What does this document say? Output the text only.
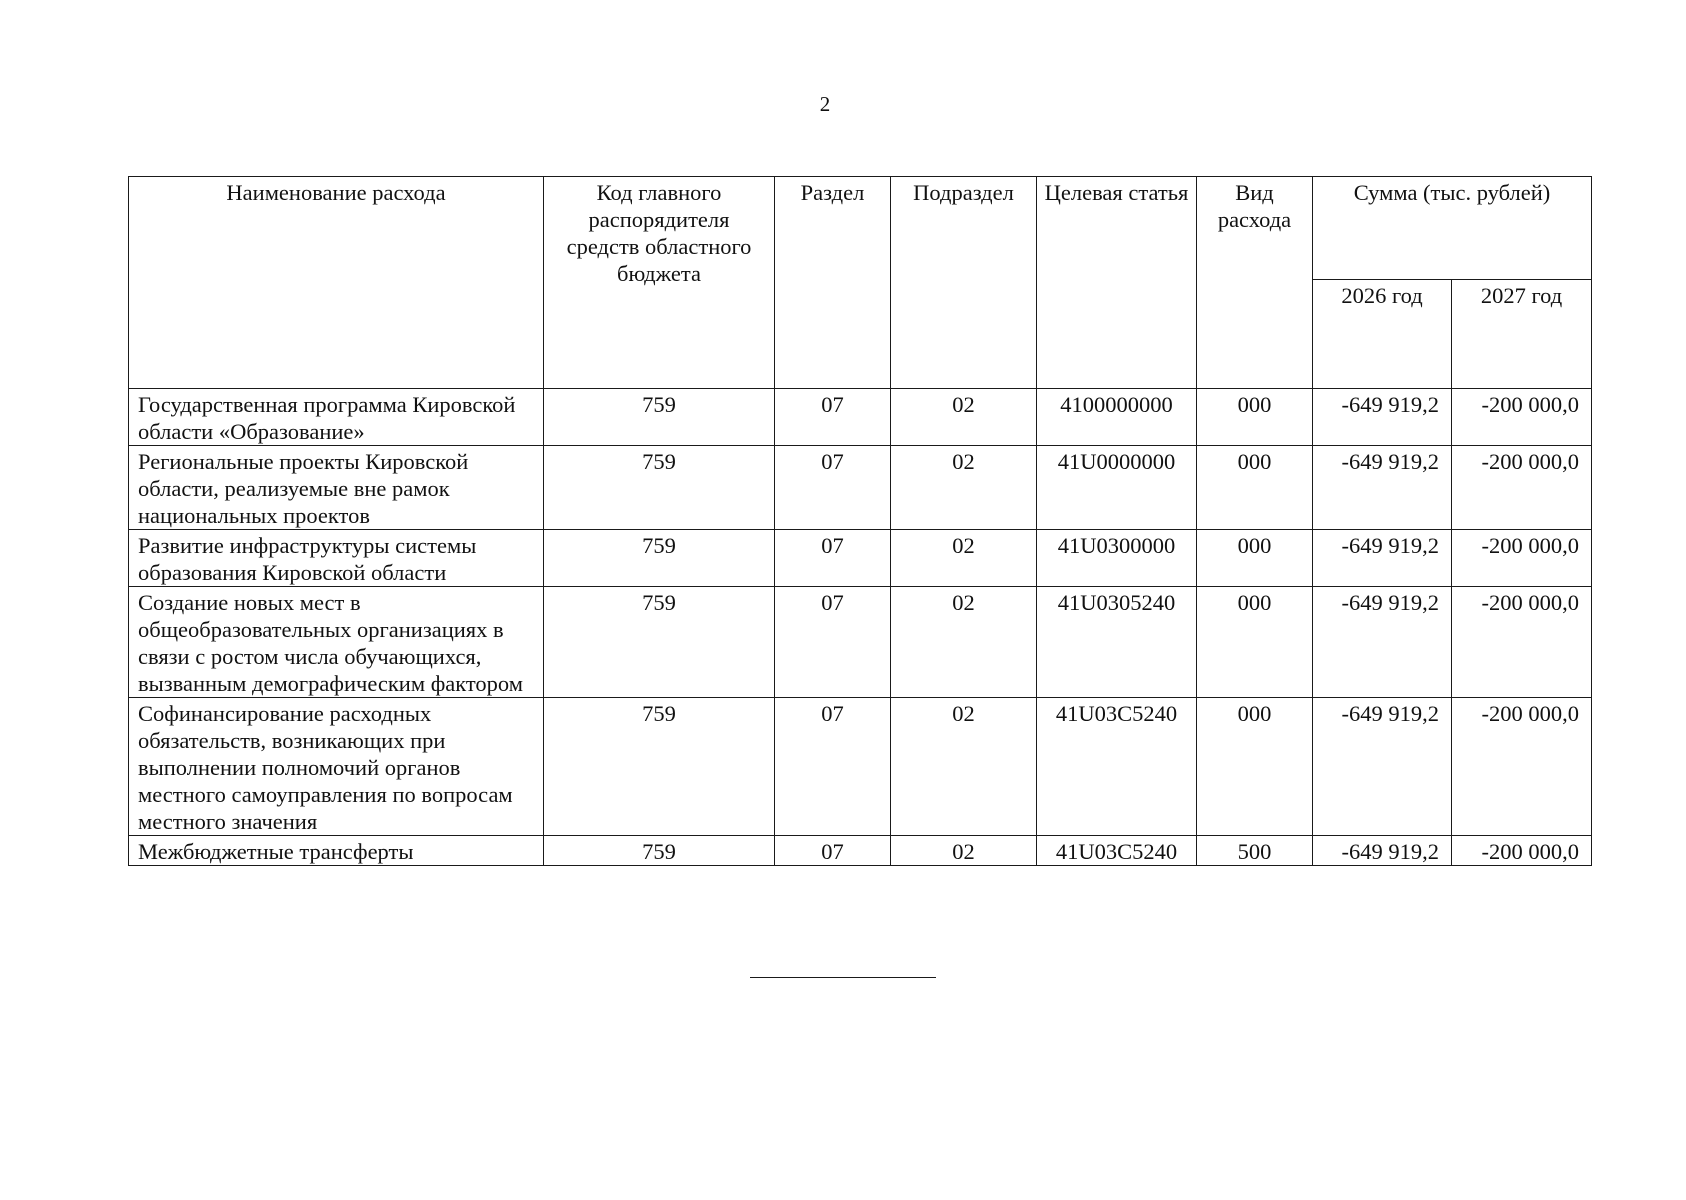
2
Наименование расхода	Код главного распорядителя средств областного бюджета	Раздел	Подраздел	Целевая статья	Вид расхода	Сумма (тыс. рублей)	
						2026 год	2027 год
Государственная программа Кировской области «Образование»	759	07	02	4100000000	000	-649 919,2	-200 000,0
Региональные проекты Кировской области, реализуемые вне рамок национальных проектов	759	07	02	41U0000000	000	-649 919,2	-200 000,0
Развитие инфраструктуры системы образования Кировской области	759	07	02	41U0300000	000	-649 919,2	-200 000,0
Создание новых мест в общеобразовательных организациях в связи с ростом числа обучающихся, вызванным демографическим фактором	759	07	02	41U0305240	000	-649 919,2	-200 000,0
Софинансирование расходных обязательств, возникающих при выполнении полномочий органов местного самоуправления по вопросам местного значения	759	07	02	41U03C5240	000	-649 919,2	-200 000,0
Межбюджетные трансферты	759	07	02	41U03C5240	500	-649 919,2	-200 000,0
